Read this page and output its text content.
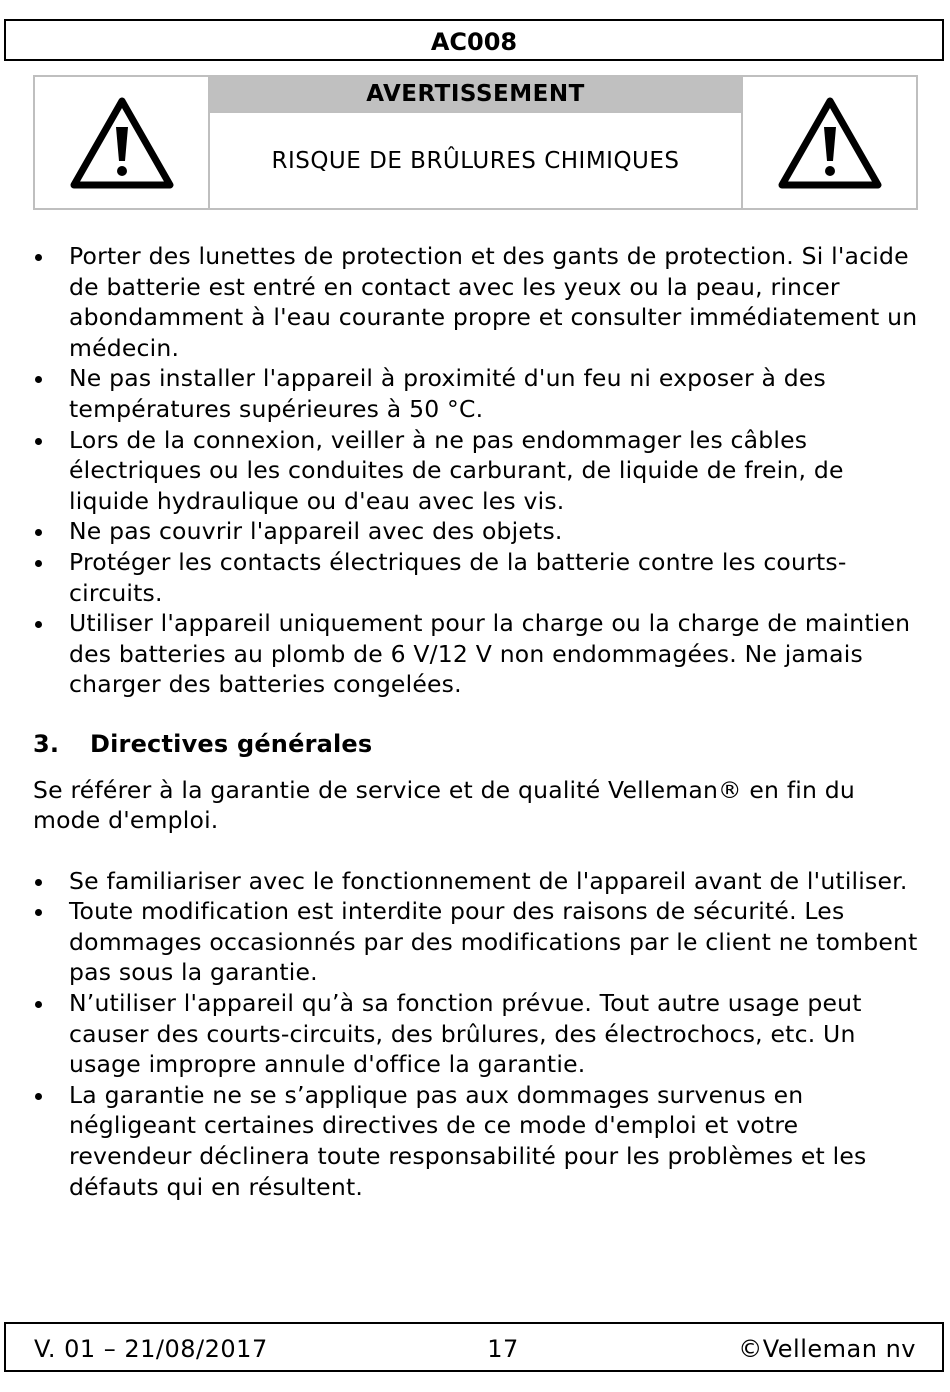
AC008
AVERTISSEMENT
RISQUE DE BRÛLURES CHIMIQUES
Porter des lunettes de protection et des gants de protection. Si l'acide de batterie est entré en contact avec les yeux ou la peau, rincer abondamment à l'eau courante propre et consulter immédiatement un médecin.
Ne pas installer l'appareil à proximité d'un feu ni exposer à des températures supérieures à 50 °C.
Lors de la connexion, veiller à ne pas endommager les câbles électriques ou les conduites de carburant, de liquide de frein, de liquide hydraulique ou d'eau avec les vis.
Ne pas couvrir l'appareil avec des objets.
Protéger les contacts électriques de la batterie contre les courts-circuits.
Utiliser l'appareil uniquement pour la charge ou la charge de maintien des batteries au plomb de 6 V/12 V non endommagées. Ne jamais charger des batteries congelées.
3.	Directives générales
Se référer à la garantie de service et de qualité Velleman® en fin du mode d'emploi.
Se familiariser avec le fonctionnement de l'appareil avant de l'utiliser.
Toute modification est interdite pour des raisons de sécurité. Les dommages occasionnés par des modifications par le client ne tombent pas sous la garantie.
N’utiliser l'appareil qu’à sa fonction prévue. Tout autre usage peut causer des courts-circuits, des brûlures, des électrochocs, etc. Un usage impropre annule d'office la garantie.
La garantie ne se s’applique pas aux dommages survenus en négligeant certaines directives de ce mode d'emploi et votre revendeur déclinera toute responsabilité pour les problèmes et les défauts qui en résultent.
V. 01 – 21/08/2017	17	©Velleman nv
